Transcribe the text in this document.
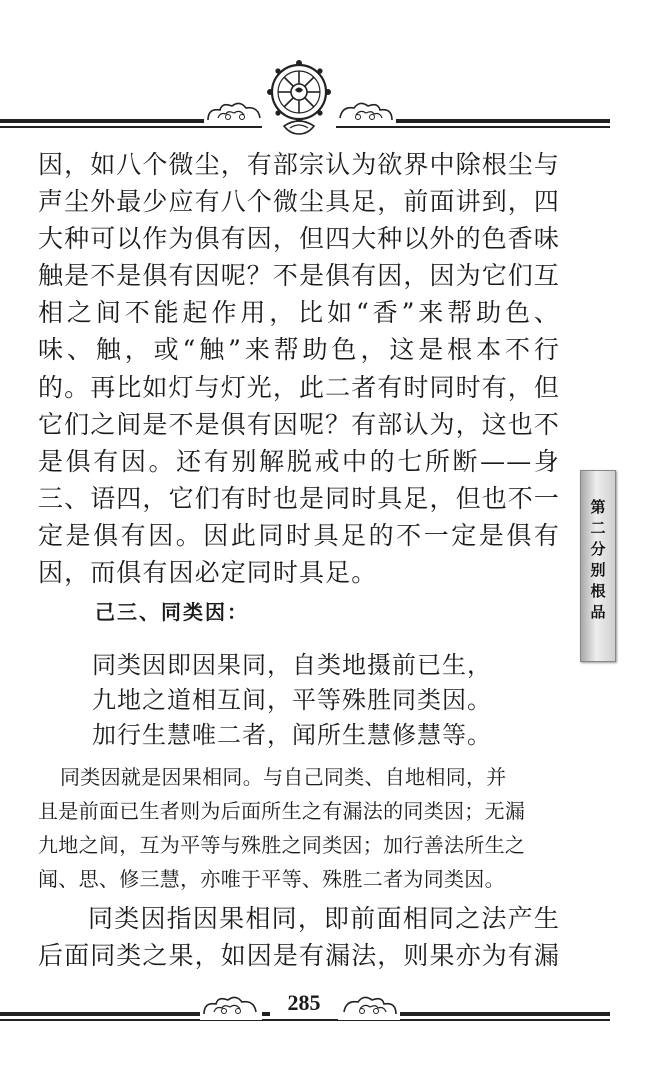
因，如八个微尘，有部宗认为欲界中除根尘与声尘外最少应有八个微尘具足，前面讲到，四大种可以作为俱有因，但四大种以外的色香味触是不是俱有因呢？不是俱有因，因为它们互相之间不能起作用，比如“香”来帮助色、味、触，或“触”来帮助色，这是根本不行的。再比如灯与灯光，此二者有时同时有，但它们之间是不是俱有因呢？有部认为，这也不是俱有因。还有别解脱戒中的七所断——身三、语四，它们有时也是同时具足，但也不一定是俱有因。因此同时具足的不一定是俱有因，而俱有因必定同时具足。

己三、同类因：
同类因即因果同，自类地摄前已生，
九地之道相互间，平等殊胜同类因。
加行生慧唯二者，闻所生慧修慧等。
同类因就是因果相同。与自己同类、自地相同，并
且是前面已生者则为后面所生之有漏法的同类因；无漏
九地之间，互为平等与殊胜之同类因；加行善法所生之
闻、思、修三慧，亦唯于平等、殊胜二者为同类因。

同类因指因果相同，即前面相同之法产生后面同类之果，如因是有漏法，则果亦为有漏

第二分别根品
285
